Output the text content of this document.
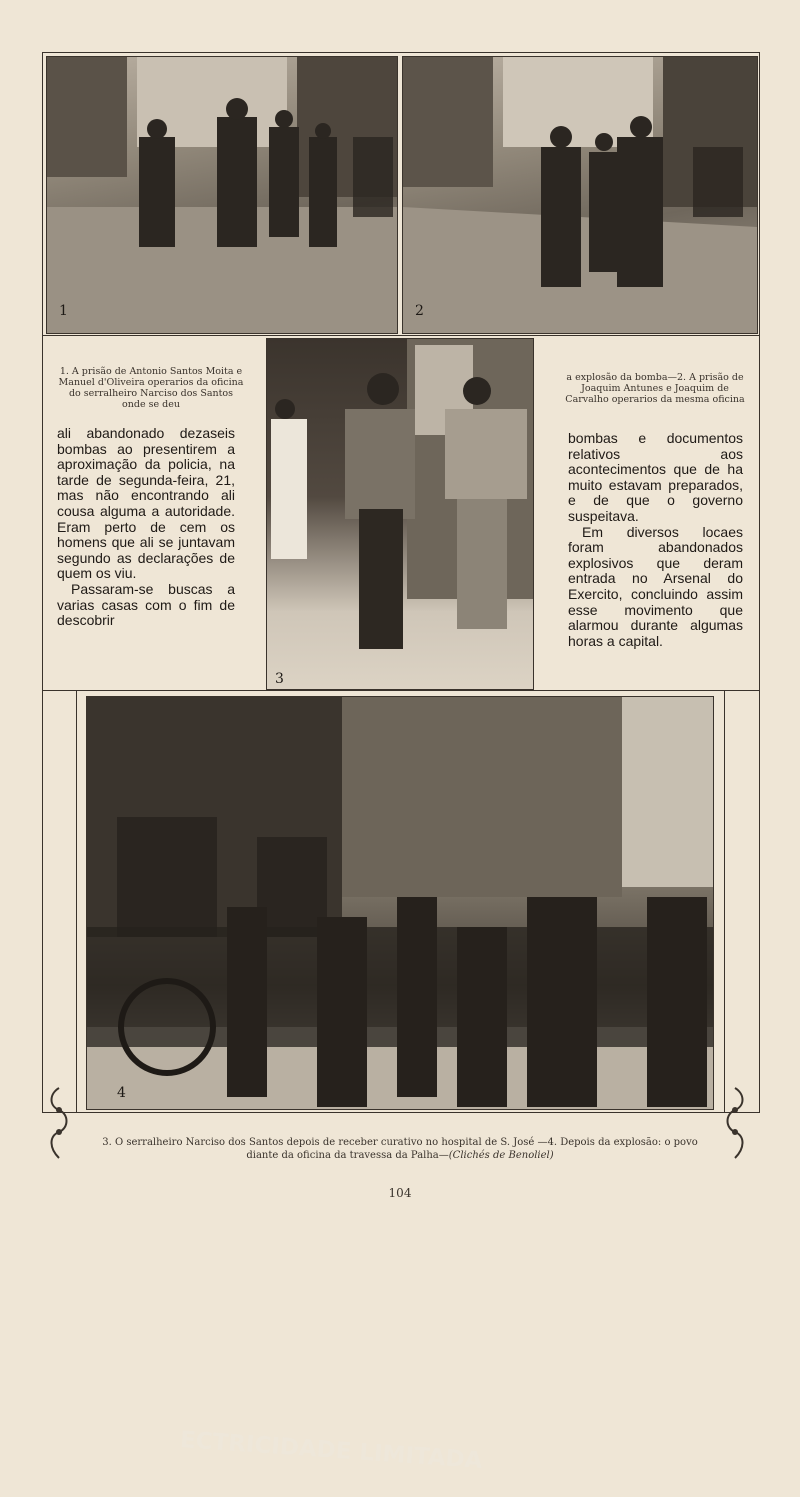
1	2
1. A prisão de Antonio Santos Moita e Manuel d'Oliveira operarios da oficina do serralheiro Narciso dos Santos onde se deu

ali abandonado dezaseis bombas ao presentirem a aproximação da policia, na tarde de segunda-feira, 21, mas não encontrando ali cousa alguma a autoridade. Eram perto de cem os homens que ali se juntavam segundo as declarações de quem os viu.

Passaram-se buscas a varias casas com o fim de descobrir

3
a explosão da bomba—2. A prisão de Joaquim Antunes e Joaquim de Carvalho operarios da mesma oficina

bombas e documentos relativos aos acontecimentos que de ha muito estavam preparados, e de que o governo suspeitava.

Em diversos locaes foram abandonados explosivos que deram entrada no Arsenal do Exercito, concluindo assim esse movimento que alarmou durante algumas horas a capital.

ECTRICIDADE LIMITADA
4
3. O serralheiro Narciso dos Santos depois de receber curativo no hospital de S. José —4. Depois da explosão: o povo diante da oficina da travessa da Palha—(Clichés de Benoliel)
104
